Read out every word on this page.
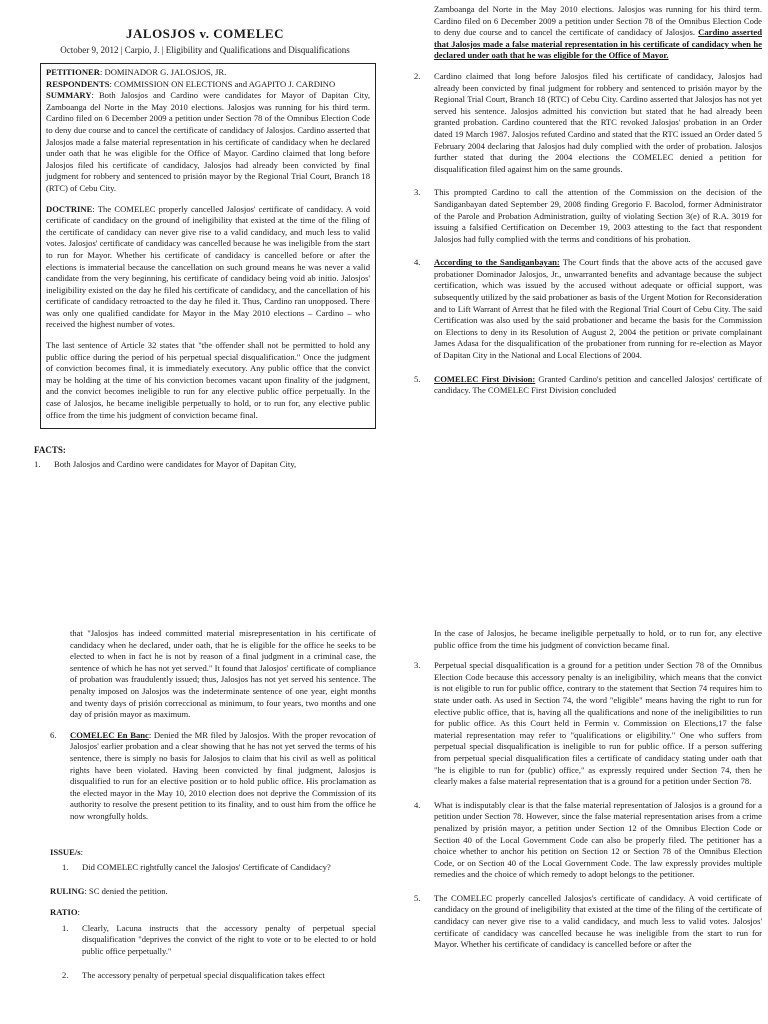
JALOSJOS v. COMELEC
October 9, 2012 | Carpio, J. | Eligibility and Qualifications and Disqualifications
PETITIONER: DOMINADOR G. JALOSJOS, JR.
RESPONDENTS: COMMISSION ON ELECTIONS and AGAPITO J. CARDINO

SUMMARY: Both Jalosjos and Cardino were candidates for Mayor of Dapitan City, Zamboanga del Norte in the May 2010 elections. Jalosjos was running for his third term. Cardino filed on 6 December 2009 a petition under Section 78 of the Omnibus Election Code to deny due course and to cancel the certificate of candidacy of Jalosjos. Cardino asserted that Jalosjos made a false material representation in his certificate of candidacy when he declared under oath that he was eligible for the Office of Mayor. Cardino claimed that long before Jalosjos filed his certificate of candidacy, Jalosjos had already been convicted by final judgment for robbery and sentenced to prisión mayor by the Regional Trial Court, Branch 18 (RTC) of Cebu City.

DOCTRINE: The COMELEC properly cancelled Jalosjos' certificate of candidacy. A void certificate of candidacy on the ground of ineligibility that existed at the time of the filing of the certificate of candidacy can never give rise to a valid candidacy, and much less to valid votes. Jalosjos' certificate of candidacy was cancelled because he was ineligible from the start to run for Mayor. Whether his certificate of candidacy is cancelled before or after the elections is immaterial because the cancellation on such ground means he was never a valid candidate from the very beginning, his certificate of candidacy being void ab initio. Jalosjos' ineligibility existed on the day he filed his certificate of candidacy, and the cancellation of his certificate of candidacy retroacted to the day he filed it. Thus, Cardino ran unopposed. There was only one qualified candidate for Mayor in the May 2010 elections – Cardino – who received the highest number of votes.

The last sentence of Article 32 states that "the offender shall not be permitted to hold any public office during the period of his perpetual special disqualification." Once the judgment of conviction becomes final, it is immediately executory. Any public office that the convict may be holding at the time of his conviction becomes vacant upon finality of the judgment, and the convict becomes ineligible to run for any elective public office perpetually. In the case of Jalosjos, he became ineligible perpetually to hold, or to run for, any elective public office from the time his judgment of conviction became final.

FACTS:
1.	Both Jalosjos and Cardino were candidates for Mayor of Dapitan City,

Zamboanga del Norte in the May 2010 elections. Jalosjos was running for his third term. Cardino filed on 6 December 2009 a petition under Section 78 of the Omnibus Election Code to deny due course and to cancel the certificate of candidacy of Jalosjos. Cardino asserted that Jalosjos made a false material representation in his certificate of candidacy when he declared under oath that he was eligible for the Office of Mayor.

2.	Cardino claimed that long before Jalosjos filed his certificate of candidacy, Jalosjos had already been convicted by final judgment for robbery and sentenced to prisión mayor by the Regional Trial Court, Branch 18 (RTC) of Cebu City. Cardino asserted that Jalosjos has not yet served his sentence. Jalosjos admitted his conviction but stated that he had already been granted probation. Cardino countered that the RTC revoked Jalosjos' probation in an Order dated 19 March 1987. Jalosjos refuted Cardino and stated that the RTC issued an Order dated 5 February 2004 declaring that Jalosjos had duly complied with the order of probation. Jalosjos further stated that during the 2004 elections the COMELEC denied a petition for disqualification filed against him on the same grounds.
3.	This prompted Cardino to call the attention of the Commission on the decision of the Sandiganbayan dated September 29, 2008 finding Gregorio F. Bacolod, former Administrator of the Parole and Probation Administration, guilty of violating Section 3(e) of R.A. 3019 for issuing a falsified Certification on December 19, 2003 attesting to the fact that respondent Jalosjos had fully complied with the terms and conditions of his probation.
4.	According to the Sandiganbayan: The Court finds that the above acts of the accused gave probationer Dominador Jalosjos, Jr., unwarranted benefits and advantage because the subject certification, which was issued by the accused without adequate or official support, was subsequently utilized by the said probationer as basis of the Urgent Motion for Reconsideration and to Lift Warrant of Arrest that he filed with the Regional Trial Court of Cebu City. The said Certification was also used by the said probationer and became the basis for the Commission on Elections to deny in its Resolution of August 2, 2004 the petition or private complainant James Adasa for the disqualification of the probationer from running for re-election as Mayor of Dapitan City in the National and Local Elections of 2004.
5.	COMELEC First Division: Granted Cardino's petition and cancelled Jalosjos' certificate of candidacy. The COMELEC First Division concluded

that "Jalosjos has indeed committed material misrepresentation in his certificate of candidacy when he declared, under oath, that he is eligible for the office he seeks to be elected to when in fact he is not by reason of a final judgment in a criminal case, the sentence of which he has not yet served." It found that Jalosjos' certificate of compliance of probation was fraudulently issued; thus, Jalosjos has not yet served his sentence. The penalty imposed on Jalosjos was the indeterminate sentence of one year, eight months and twenty days of prisión correccional as minimum, to four years, two months and one day of prisión mayor as maximum.

6.	COMELEC En Banc: Denied the MR filed by Jalosjos. With the proper revocation of Jalosjos' earlier probation and a clear showing that he has not yet served the terms of his sentence, there is simply no basis for Jalosjos to claim that his civil as well as political rights have been violated. Having been convicted by final judgment, Jalosjos is disqualified to run for an elective position or to hold public office. His proclamation as the elected mayor in the May 10, 2010 election does not deprive the Commission of its authority to resolve the present petition to its finality, and to oust him from the office he now wrongfully holds.
ISSUE/s:
1.	Did COMELEC rightfully cancel the Jalosjos' Certificate of Candidacy?
RULING: SC denied the petition.
RATIO:
1.	Clearly, Lacuna instructs that the accessory penalty of perpetual special disqualification "deprives the convict of the right to vote or to be elected to or hold public office perpetually."
2.	The accessory penalty of perpetual special disqualification takes effect

In the case of Jalosjos, he became ineligible perpetually to hold, or to run for, any elective public office from the time his judgment of conviction became final.

3.	Perpetual special disqualification is a ground for a petition under Section 78 of the Omnibus Election Code because this accessory penalty is an ineligibility, which means that the convict is not eligible to run for public office, contrary to the statement that Section 74 requires him to state under oath. As used in Section 74, the word "eligible" means having the right to run for elective public office, that is, having all the qualifications and none of the ineligibilities to run for public office. As this Court held in Fermin v. Commission on Elections,17 the false material representation may refer to "qualifications or eligibility." One who suffers from perpetual special disqualification is ineligible to run for public office. If a person suffering from perpetual special disqualification files a certificate of candidacy stating under oath that "he is eligible to run for (public) office," as expressly required under Section 74, then he clearly makes a false material representation that is a ground for a petition under Section 78.
4.	What is indisputably clear is that the false material representation of Jalosjos is a ground for a petition under Section 78. However, since the false material representation arises from a crime penalized by prisión mayor, a petition under Section 12 of the Omnibus Election Code or Section 40 of the Local Government Code can also be properly filed. The petitioner has a choice whether to anchor his petition on Section 12 or Section 78 of the Omnibus Election Code, or on Section 40 of the Local Government Code. The law expressly provides multiple remedies and the choice of which remedy to adopt belongs to the petitioner.
5.	The COMELEC properly cancelled Jalosjos's certificate of candidacy. A void certificate of candidacy on the ground of ineligibility that existed at the time of the filing of the certificate of candidacy can never give rise to a valid candidacy, and much less to valid votes. Jalosjos' certificate of candidacy was cancelled because he was ineligible from the start to run for Mayor. Whether his certificate of candidacy is cancelled before or after the
